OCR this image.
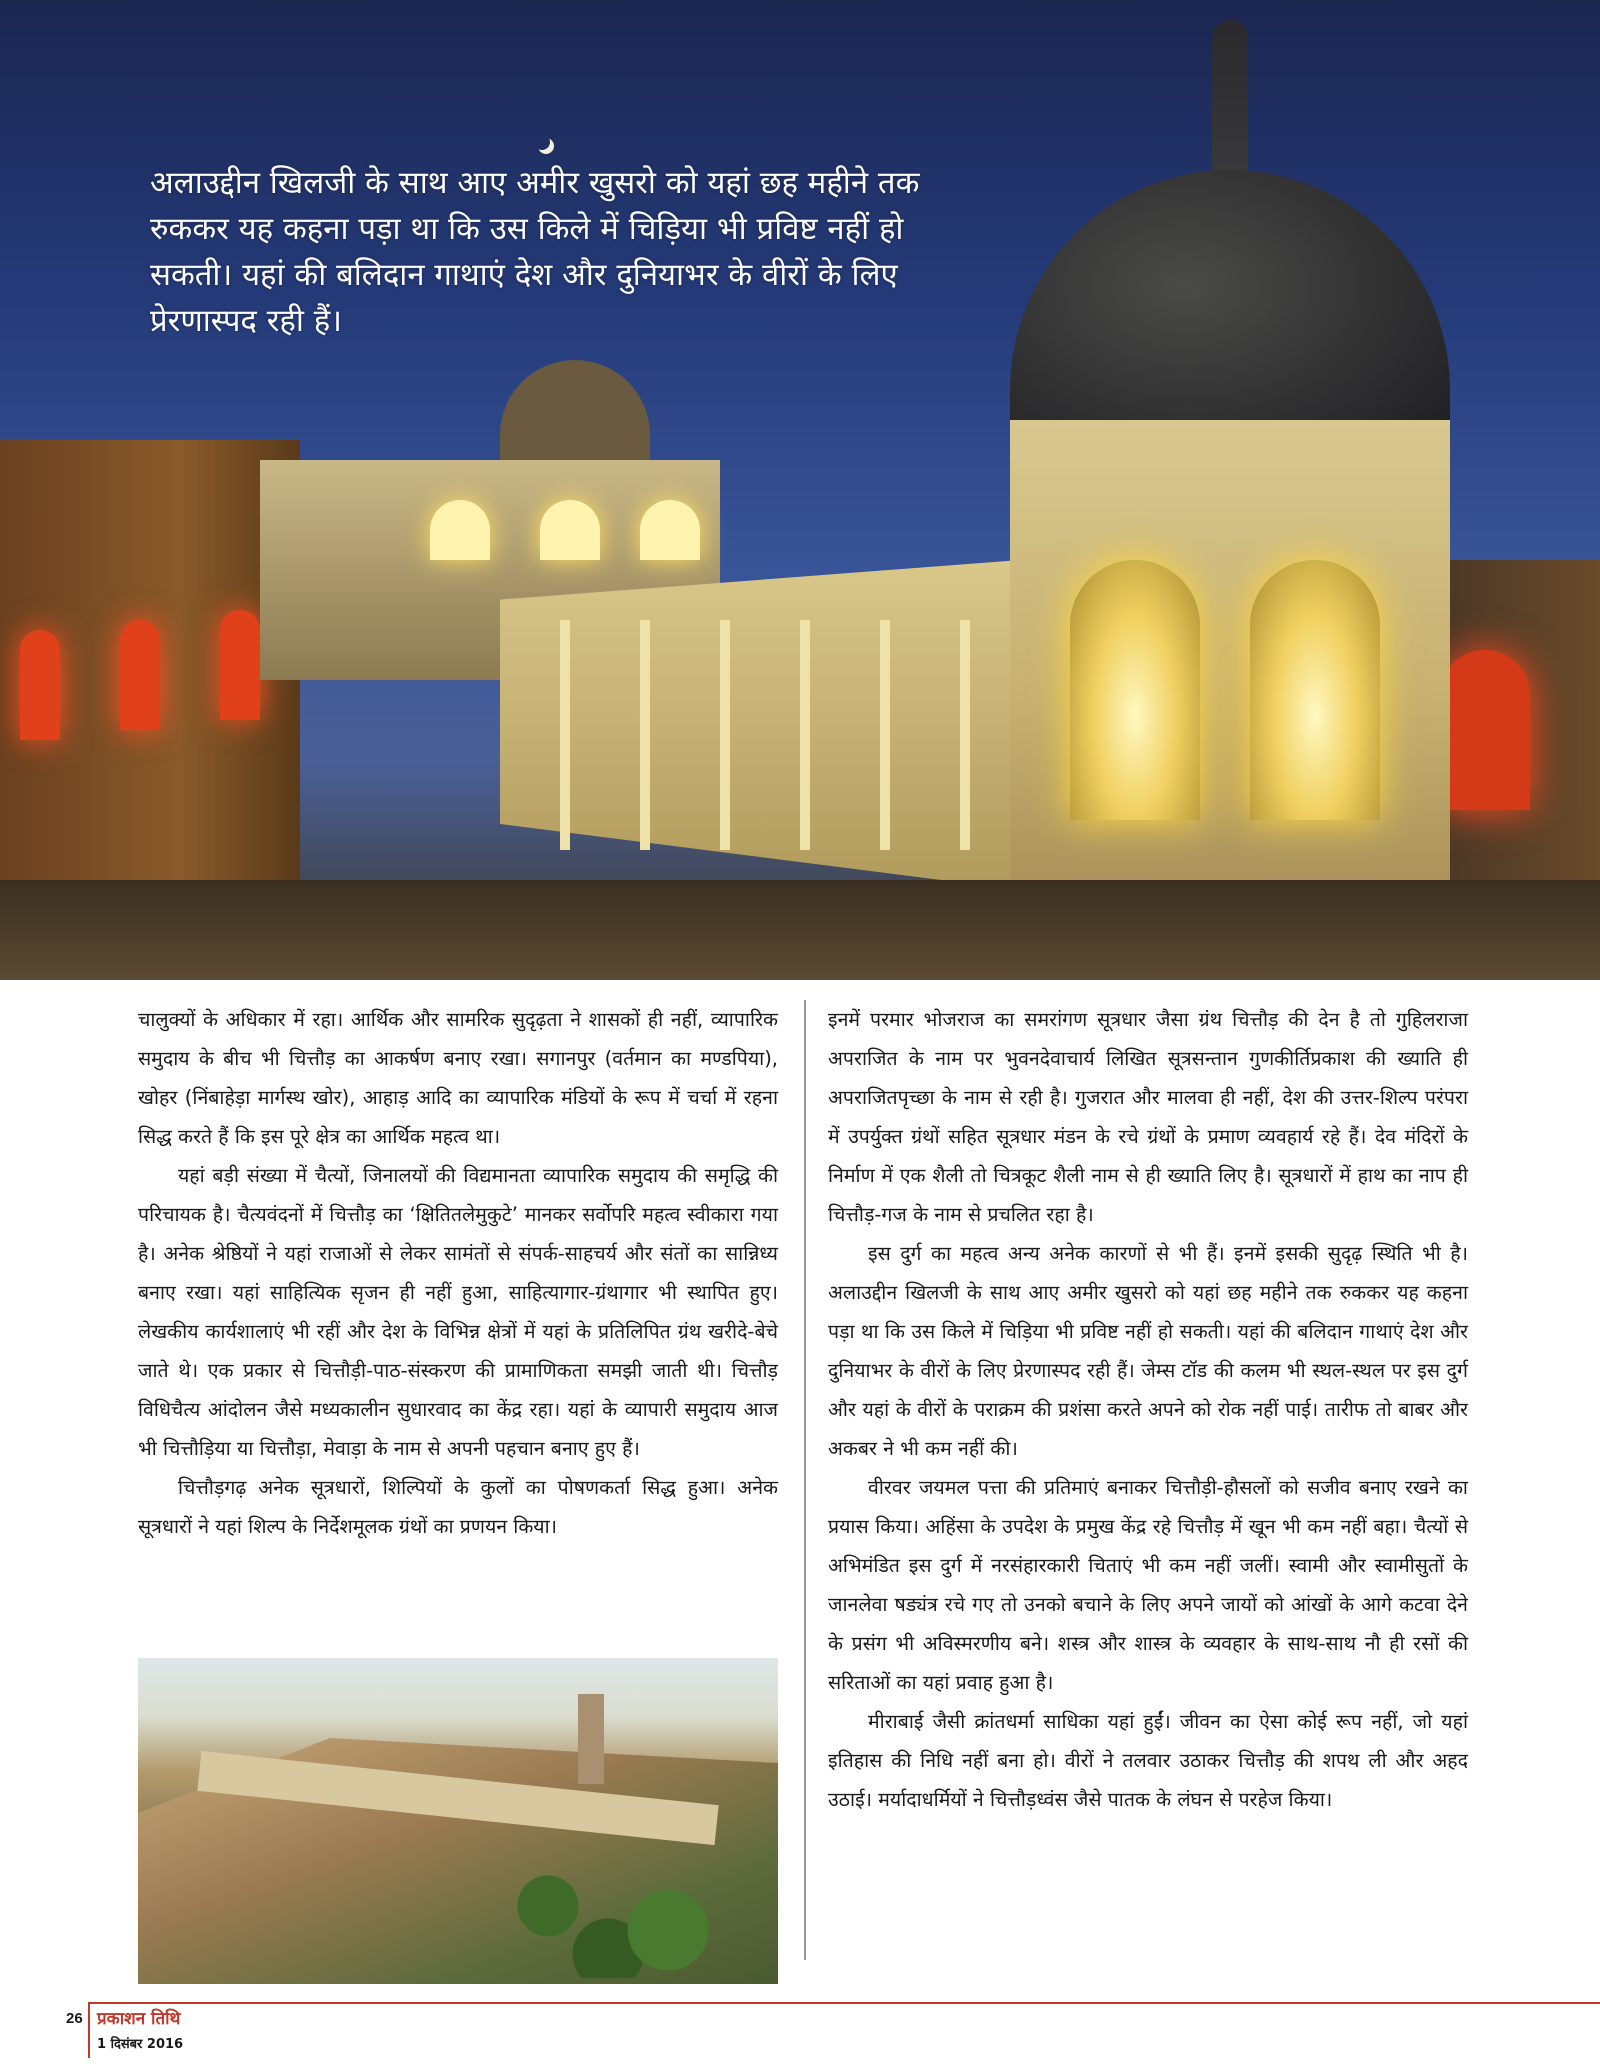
अलाउद्दीन खिलजी के साथ आए अमीर खुसरो को यहां छह महीने तक रुककर यह कहना पड़ा था कि उस किले में चिड़िया भी प्रविष्ट नहीं हो सकती। यहां की बलिदान गाथाएं देश और दुनियाभर के वीरों के लिए प्रेरणास्पद रही हैं।

चालुक्यों के अधिकार में रहा। आर्थिक और सामरिक सुदृढ़ता ने शासकों ही नहीं, व्यापारिक समुदाय के बीच भी चित्तौड़ का आकर्षण बनाए रखा। सगानपुर (वर्तमान का मण्डपिया), खोहर (निंबाहेड़ा मार्गस्थ खोर), आहाड़ आदि का व्यापारिक मंडियों के रूप में चर्चा में रहना सिद्ध करते हैं कि इस पूरे क्षेत्र का आर्थिक महत्व था।

यहां बड़ी संख्या में चैत्यों, जिनालयों की विद्यमानता व्यापारिक समुदाय की समृद्धि की परिचायक है। चैत्यवंदनों में चित्तौड़ का ‘क्षितितलेमुकुटे’ मानकर सर्वोपरि महत्व स्वीकारा गया है। अनेक श्रेष्ठियों ने यहां राजाओं से लेकर सामंतों से संपर्क-साहचर्य और संतों का सान्निध्य बनाए रखा। यहां साहित्यिक सृजन ही नहीं हुआ, साहित्यागार-ग्रंथागार भी स्थापित हुए। लेखकीय कार्यशालाएं भी रहीं और देश के विभिन्न क्षेत्रों में यहां के प्रतिलिपित ग्रंथ खरीदे-बेचे जाते थे। एक प्रकार से चित्तौड़ी-पाठ-संस्करण की प्रामाणिकता समझी जाती थी। चित्तौड़ विधिचैत्य आंदोलन जैसे मध्यकालीन सुधारवाद का केंद्र रहा। यहां के व्यापारी समुदाय आज भी चित्तौड़िया या चित्तौड़ा, मेवाड़ा के नाम से अपनी पहचान बनाए हुए हैं।

चित्तौड़गढ़ अनेक सूत्रधारों, शिल्पियों के कुलों का पोषणकर्ता सिद्ध हुआ। अनेक सूत्रधारों ने यहां शिल्प के निर्देशमूलक ग्रंथों का प्रणयन किया।

इनमें परमार भोजराज का समरांगण सूत्रधार जैसा ग्रंथ चित्तौड़ की देन है तो गुहिलराजा अपराजित के नाम पर भुवनदेवाचार्य लिखित सूत्रसन्तान गुणकीर्तिप्रकाश की ख्याति ही अपराजितपृच्छा के नाम से रही है। गुजरात और मालवा ही नहीं, देश की उत्तर-शिल्प परंपरा में उपर्युक्त ग्रंथों सहित सूत्रधार मंडन के रचे ग्रंथों के प्रमाण व्यवहार्य रहे हैं। देव मंदिरों के निर्माण में एक शैली तो चित्रकूट शैली नाम से ही ख्याति लिए है। सूत्रधारों में हाथ का नाप ही चित्तौड़-गज के नाम से प्रचलित रहा है।

इस दुर्ग का महत्व अन्य अनेक कारणों से भी हैं। इनमें इसकी सुदृढ़ स्थिति भी है। अलाउद्दीन खिलजी के साथ आए अमीर खुसरो को यहां छह महीने तक रुककर यह कहना पड़ा था कि उस किले में चिड़िया भी प्रविष्ट नहीं हो सकती। यहां की बलिदान गाथाएं देश और दुनियाभर के वीरों के लिए प्रेरणास्पद रही हैं। जेम्स टॉड की कलम भी स्थल-स्थल पर इस दुर्ग और यहां के वीरों के पराक्रम की प्रशंसा करते अपने को रोक नहीं पाई। तारीफ तो बाबर और अकबर ने भी कम नहीं की।

वीरवर जयमल पत्ता की प्रतिमाएं बनाकर चित्तौड़ी-हौसलों को सजीव बनाए रखने का प्रयास किया। अहिंसा के उपदेश के प्रमुख केंद्र रहे चित्तौड़ में खून भी कम नहीं बहा। चैत्यों से अभिमंडित इस दुर्ग में नरसंहारकारी चिताएं भी कम नहीं जलीं। स्वामी और स्वामीसुतों के जानलेवा षड्यंत्र रचे गए तो उनको बचाने के लिए अपने जायों को आंखों के आगे कटवा देने के प्रसंग भी अविस्मरणीय बने। शस्त्र और शास्त्र के व्यवहार के साथ-साथ नौ ही रसों की सरिताओं का यहां प्रवाह हुआ है।

मीराबाई जैसी क्रांतधर्मा साधिका यहां हुईं। जीवन का ऐसा कोई रूप नहीं, जो यहां इतिहास की निधि नहीं बना हो। वीरों ने तलवार उठाकर चित्तौड़ की शपथ ली और अहद उठाई। मर्यादाधर्मियों ने चित्तौड़ध्वंस जैसे पातक के लंघन से परहेज किया।

26 प्रकाशन तिथि
1 दिसंबर 2016
